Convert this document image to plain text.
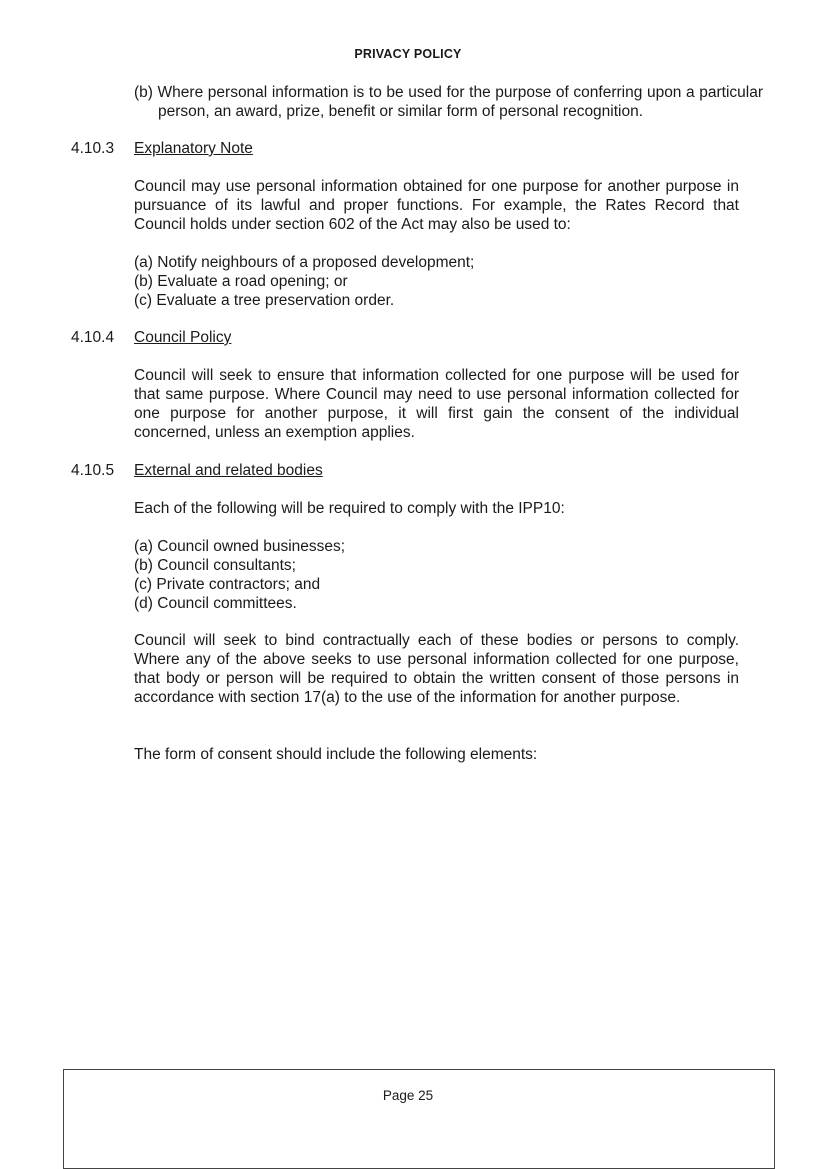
PRIVACY POLICY

(b) Where personal information is to be used for the purpose of conferring upon a particular person, an award, prize, benefit or similar form of personal recognition.

4.10.3 Explanatory Note

Council may use personal information obtained for one purpose for another purpose in pursuance of its lawful and proper functions. For example, the Rates Record that Council holds under section 602 of the Act may also be used to:

(a) Notify neighbours of a proposed development;
(b) Evaluate a road opening; or
(c) Evaluate a tree preservation order.
4.10.4 Council Policy

Council will seek to ensure that information collected for one purpose will be used for that same purpose. Where Council may need to use personal information collected for one purpose for another purpose, it will first gain the consent of the individual concerned, unless an exemption applies.

4.10.5 External and related bodies

Each of the following will be required to comply with the IPP10:

(a) Council owned businesses;
(b) Council consultants;
(c) Private contractors; and
(d) Council committees.

Council will seek to bind contractually each of these bodies or persons to comply. Where any of the above seeks to use personal information collected for one purpose, that body or person will be required to obtain the written consent of those persons in accordance with section 17(a) to the use of the information for another purpose.

The form of consent should include the following elements:

Page 25
